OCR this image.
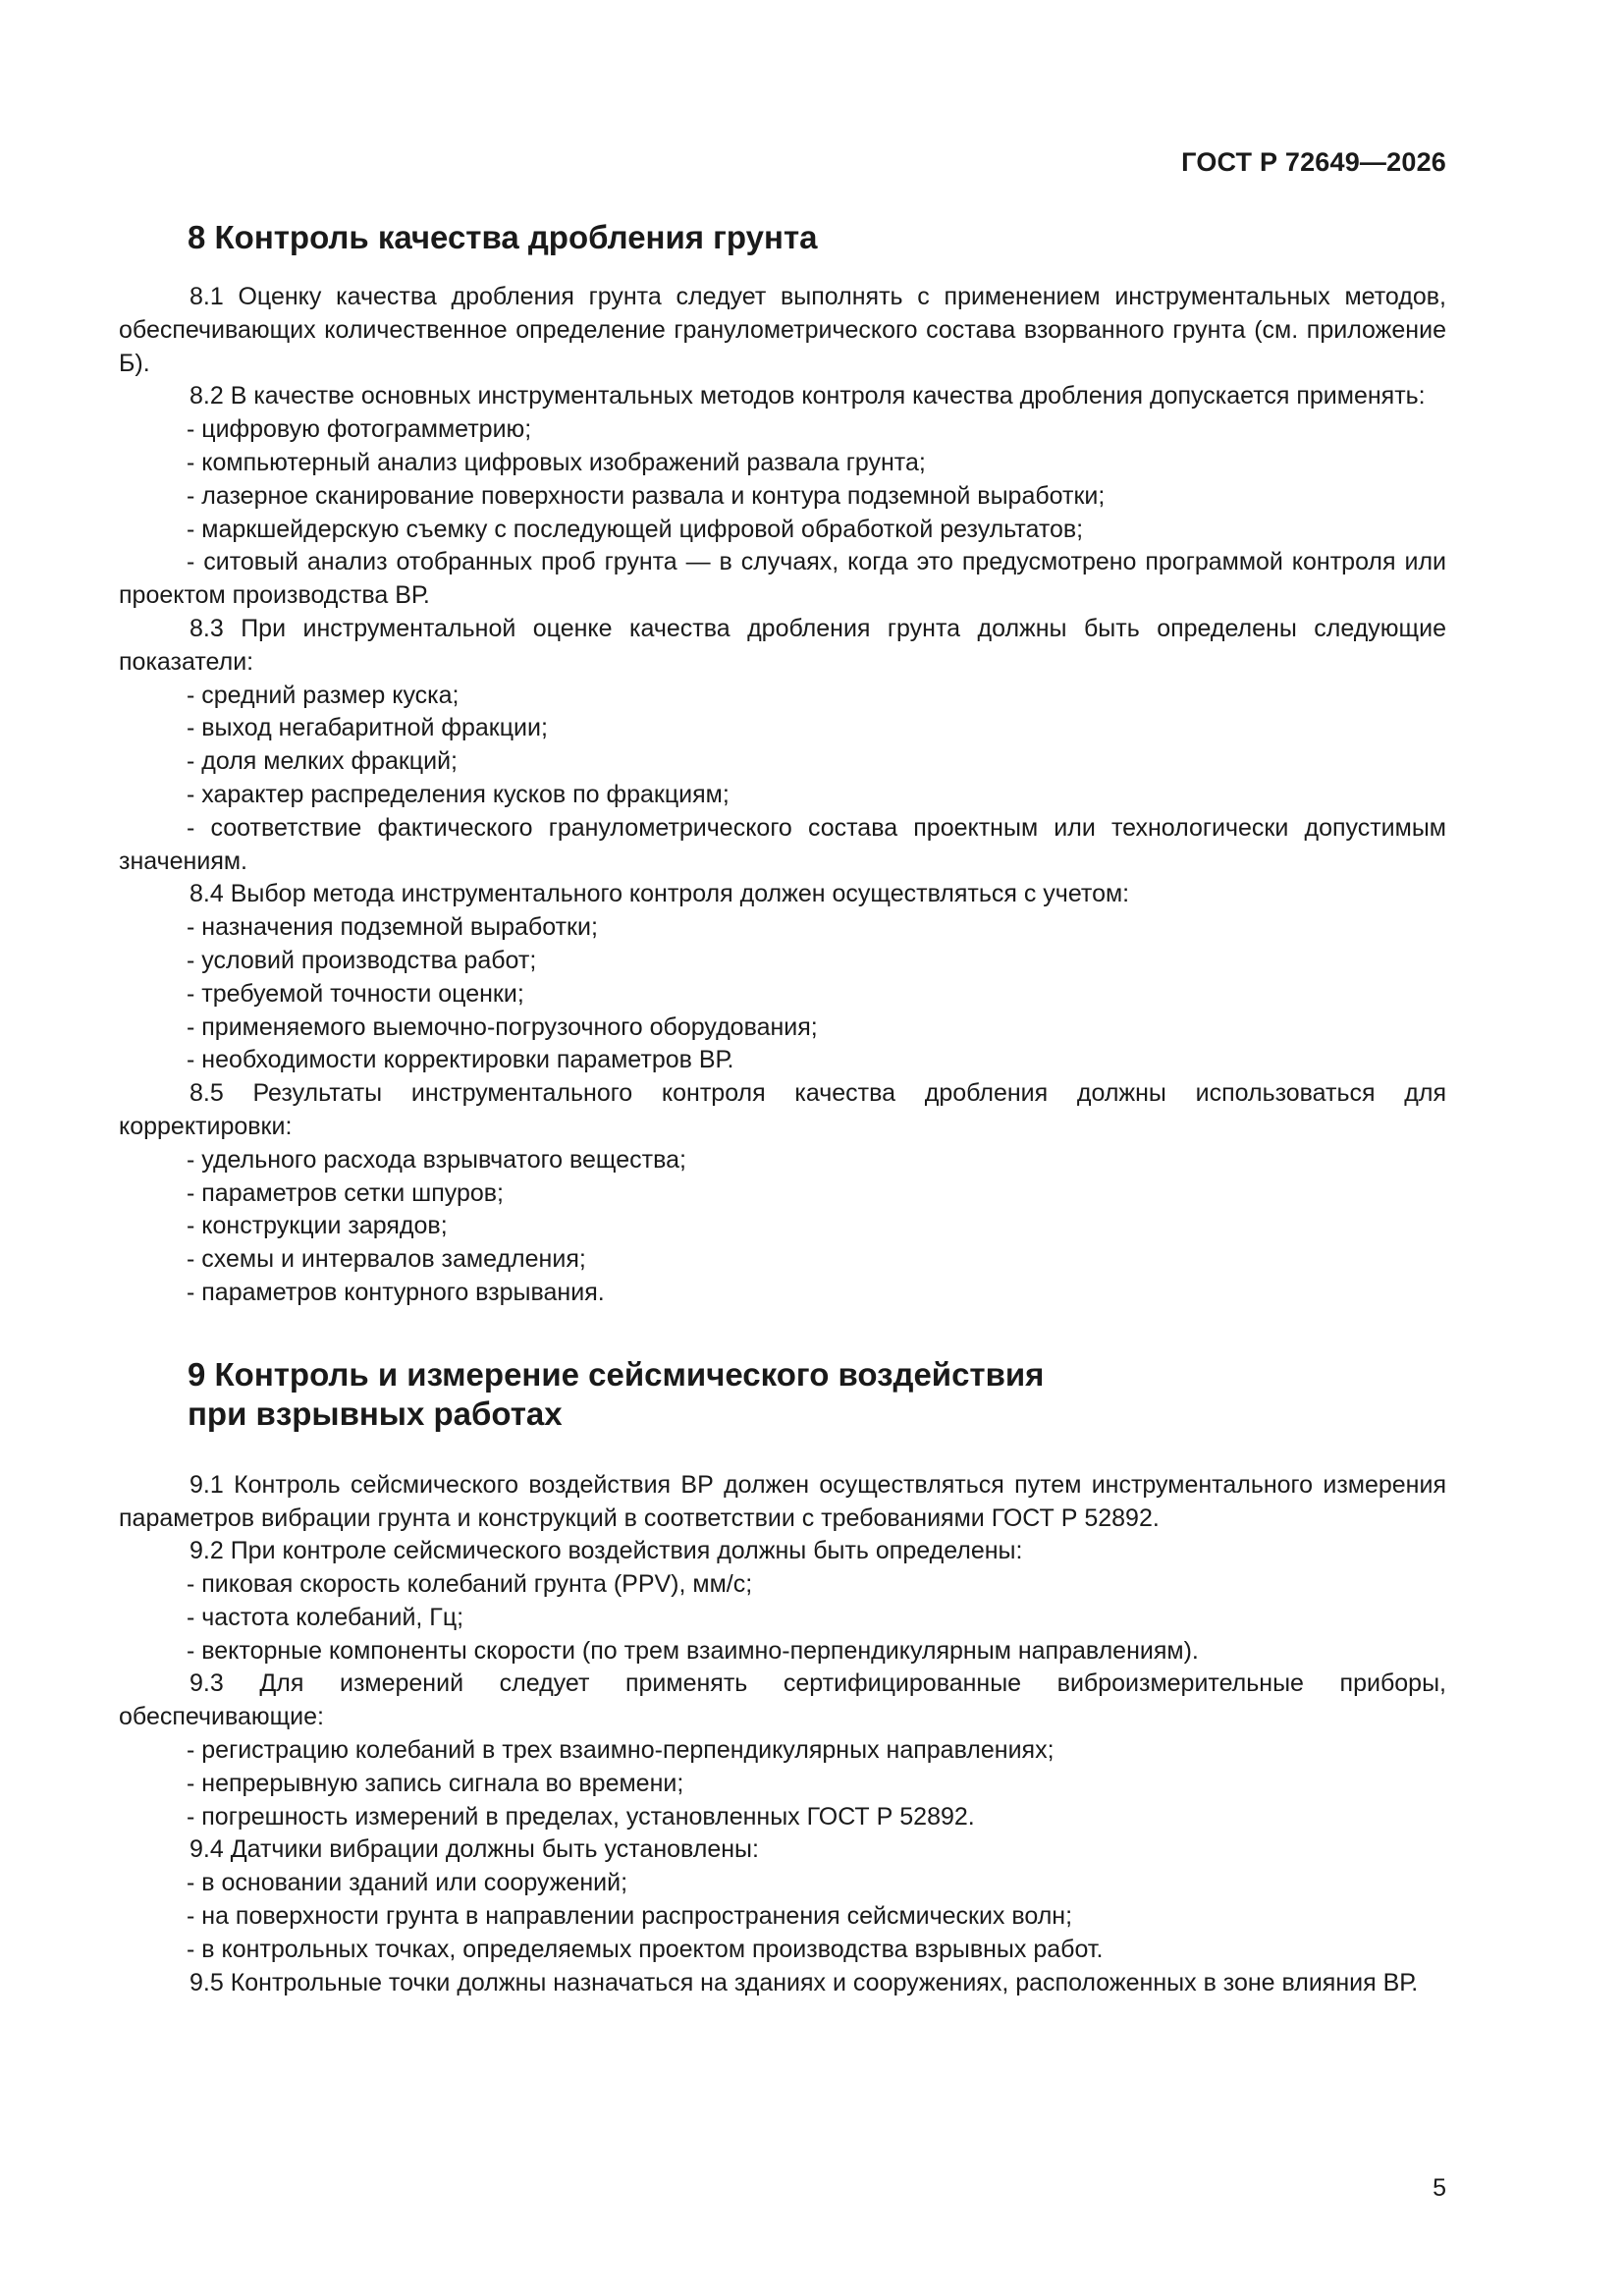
ГОСТ Р 72649—2026
8 Контроль качества дробления грунта

8.1 Оценку качества дробления грунта следует выполнять с применением инструментальных методов, обеспечивающих количественное определение гранулометрического состава взорванного грунта (см. приложение Б).

8.2 В качестве основных инструментальных методов контроля качества дробления допускается применять:

- цифровую фотограмметрию;

- компьютерный анализ цифровых изображений развала грунта;

- лазерное сканирование поверхности развала и контура подземной выработки;

- маркшейдерскую съемку с последующей цифровой обработкой результатов;

- ситовый анализ отобранных проб грунта — в случаях, когда это предусмотрено программой контроля или проектом производства ВР.

8.3 При инструментальной оценке качества дробления грунта должны быть определены следующие показатели:

- средний размер куска;

- выход негабаритной фракции;

- доля мелких фракций;

- характер распределения кусков по фракциям;

- соответствие фактического гранулометрического состава проектным или технологически допустимым значениям.

8.4 Выбор метода инструментального контроля должен осуществляться с учетом:

- назначения подземной выработки;

- условий производства работ;

- требуемой точности оценки;

- применяемого выемочно-погрузочного оборудования;

- необходимости корректировки параметров ВР.

8.5 Результаты инструментального контроля качества дробления должны использоваться для корректировки:

- удельного расхода взрывчатого вещества;

- параметров сетки шпуров;

- конструкции зарядов;

- схемы и интервалов замедления;

- параметров контурного взрывания.

9 Контроль и измерение сейсмического воздействия
при взрывных работах

9.1 Контроль сейсмического воздействия ВР должен осуществляться путем инструментального измерения параметров вибрации грунта и конструкций в соответствии с требованиями ГОСТ Р 52892.

9.2 При контроле сейсмического воздействия должны быть определены:

- пиковая скорость колебаний грунта (PPV), мм/с;

- частота колебаний, Гц;

- векторные компоненты скорости (по трем взаимно-перпендикулярным направлениям).

9.3 Для измерений следует применять сертифицированные виброизмерительные приборы, обеспечивающие:

- регистрацию колебаний в трех взаимно-перпендикулярных направлениях;

- непрерывную запись сигнала во времени;

- погрешность измерений в пределах, установленных ГОСТ Р 52892.

9.4 Датчики вибрации должны быть установлены:

- в основании зданий или сооружений;

- на поверхности грунта в направлении распространения сейсмических волн;

- в контрольных точках, определяемых проектом производства взрывных работ.

9.5 Контрольные точки должны назначаться на зданиях и сооружениях, расположенных в зоне влияния ВР.

5
